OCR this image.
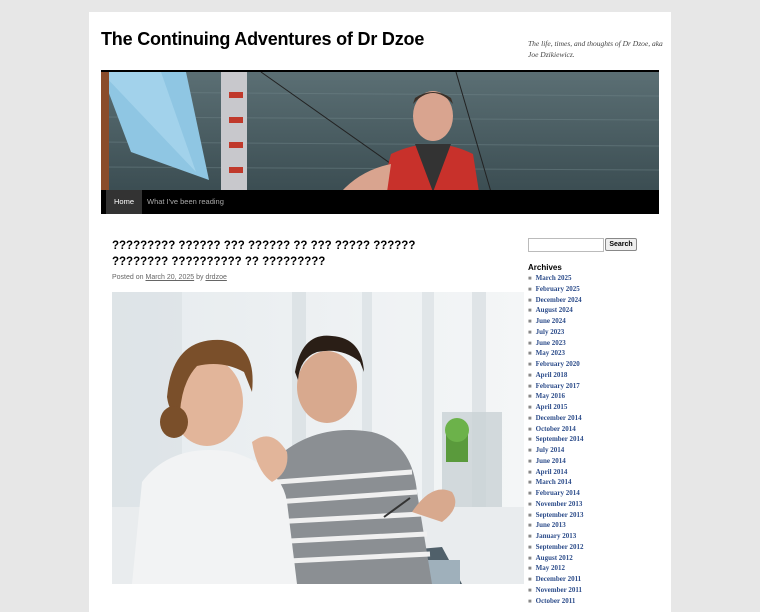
The Continuing Adventures of Dr Dzoe	The life, times, and thoughts of Dr Dzoe, aka Joe Dzikiewicz.
Home	What I've been reading
????????? ?????? ??? ?????? ?? ??? ????? ?????? ???????? ?????????? ?? ?????????
Posted on March 20, 2025 by drdzoe
Search
Archives
■ March 2025
■ February 2025
■ December 2024
■ August 2024
■ June 2024
■ July 2023
■ June 2023
■ May 2023
■ February 2020
■ April 2018
■ February 2017
■ May 2016
■ April 2015
■ December 2014
■ October 2014
■ September 2014
■ July 2014
■ June 2014
■ April 2014
■ March 2014
■ February 2014
■ November 2013
■ September 2013
■ June 2013
■ January 2013
■ September 2012
■ August 2012
■ May 2012
■ December 2011
■ November 2011
■ October 2011
